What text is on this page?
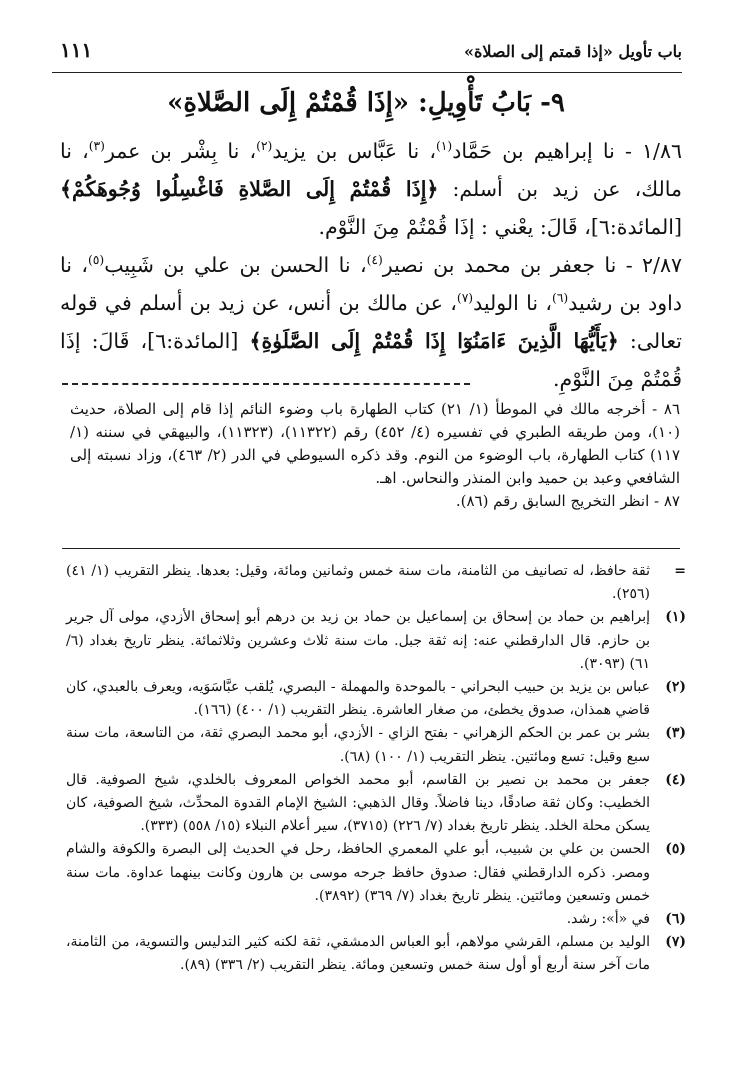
باب تأويل «إذا قمتم إلى الصلاة»
١١١
٩- بَابُ تَأْوِيلِ: «إِذَا قُمْتُمْ إِلَى الصَّلاةِ»

١/٨٦ - نا إبراهيم بن حَمَّاد$^{(١)}$، نا عَبَّاس بن يزيد$^{(٢)}$، نا بِشْر بن عمر$^{(٣)}$، نا مالك، عن زيد بن أسلم: ﴿إِذَا قُمْتُمْ إِلَى الصَّلاةِ فَاغْسِلُوا وُجُوهَكُمْ﴾ [المائدة:٦]، قَالَ: يعْني : إذَا قُمْتُمْ مِنَ النَّوْم.

٢/٨٧ - نا جعفر بن محمد بن نصير$^{(٤)}$، نا الحسن بن علي بن شَبِيب$^{(٥)}$، نا داود بن رشيد$^{(٦)}$، نا الوليد$^{(٧)}$، عن مالك بن أنس، عن زيد بن أسلم في قوله تعالى: ﴿يَأَيُّهَا الَّذِينَ ءَامَنُوٓا إِذَا قُمْتُمْ إِلَى الصَّلَوٰةِ﴾ [المائدة:٦]، قَالَ: إذَا قُمْتُمْ مِنَ النَّوْمِ.

٨٦ - أخرجه مالك في الموطأ (١/ ٢١) كتاب الطهارة باب وضوء النائم إذا قام إلى الصلاة، حديث (١٠)، ومن طريقه الطبري في تفسيره (٤/ ٤٥٢) رقم (١١٣٢٢)، (١١٣٢٣)، والبيهقي في سننه (١/ ١١٧) كتاب الطهارة، باب الوضوء من النوم. وقد ذكره السيوطي في الدر (٢/ ٤٦٣)، وزاد نسبته إلى الشافعي وعبد بن حميد وابن المنذر والنحاس. اهـ.

٨٧ - انظر التخريج السابق رقم (٨٦).

=
ثقة حافظ، له تصانيف من الثامنة، مات سنة خمس وثمانين ومائة، وقيل: بعدها. ينظر التقريب (١/ ٤١) (٢٥٦).
(١)
إبراهيم بن حماد بن إسحاق بن إسماعيل بن حماد بن زيد بن درهم أبو إسحاق الأزدي، مولى آل جرير بن حازم. قال الدارقطني عنه: إنه ثقة جبل. مات سنة ثلاث وعشرين وثلاثمائة. ينظر تاريخ بغداد (٦/ ٦١) (٣٠٩٣).
(٢)
عباس بن يزيد بن حبيب البحراني - بالموحدة والمهملة - البصري، يُلقب عبَّاسَوَيه، ويعرف بالعبدي، كان قاضي همذان، صدوق يخطئ، من صغار العاشرة. ينظر التقريب (١/ ٤٠٠) (١٦٦).
(٣)
بشر بن عمر بن الحكم الزهراني - بفتح الزاي - الأزدي، أبو محمد البصري ثقة، من التاسعة، مات سنة سبع وقيل: تسع ومائتين. ينظر التقريب (١/ ١٠٠) (٦٨).
(٤)
جعفر بن محمد بن نصير بن القاسم، أبو محمد الخواص المعروف بالخلدي، شيخ الصوفية. قال الخطيب: وكان ثقة صادقًا، دينا فاضلاً. وقال الذهبي: الشيخ الإمام القدوة المحدِّث، شيخ الصوفية، كان يسكن محلة الخلد. ينظر تاريخ بغداد (٧/ ٢٢٦) (٣٧١٥)، سير أعلام النبلاء (١٥/ ٥٥٨) (٣٣٣).
(٥)
الحسن بن علي بن شبيب، أبو علي المعمري الحافظ، رحل في الحديث إلى البصرة والكوفة والشام ومصر. ذكره الدارقطني فقال: صدوق حافظ جرحه موسى بن هارون وكانت بينهما عداوة. مات سنة خمس وتسعين ومائتين. ينظر تاريخ بغداد (٧/ ٣٦٩) (٣٨٩٢).
(٦)
في «أ»: رشد.
(٧)
الوليد بن مسلم، القرشي مولاهم، أبو العباس الدمشقي، ثقة لكنه كثير التدليس والتسوية، من الثامنة، مات آخر سنة أربع أو أول سنة خمس وتسعين ومائة. ينظر التقريب (٢/ ٣٣٦) (٨٩).
